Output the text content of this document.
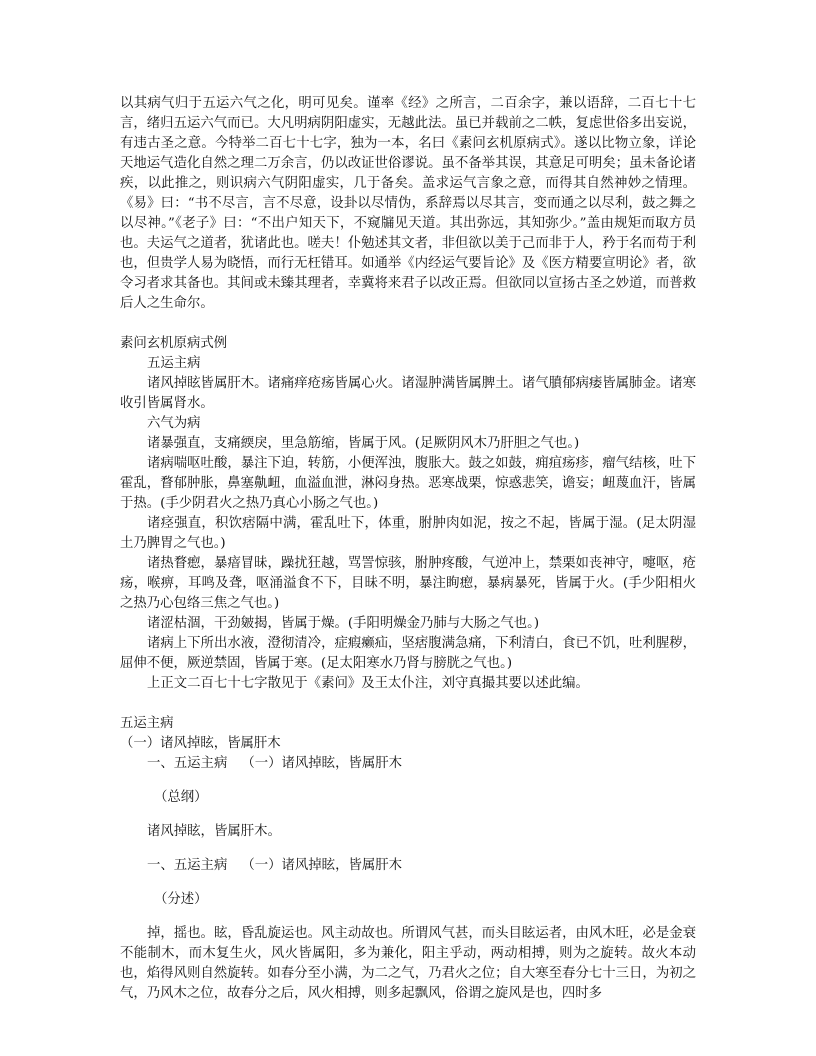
以其病气归于五运六气之化，明可见矣。谨率《经》之所言，二百余字，兼以语辞，二百七十七言，绪归五运六气而已。大凡明病阴阳虚实，无越此法。虽已并载前之二帙，复虑世俗多出妄说，有违古圣之意。今特举二百七十七字，独为一本，名曰《素问玄机原病式》。遂以比物立象，详论天地运气造化自然之理二万余言，仍以改证世俗谬说。虽不备举其误，其意足可明矣；虽未备论诸疾，以此推之，则识病六气阴阳虚实，几于备矣。盖求运气言象之意，而得其自然神妙之情理。《易》曰：“书不尽言，言不尽意，设卦以尽情伪，系辞焉以尽其言，变而通之以尽利，鼓之舞之以尽神。”《老子》曰：“不出户知天下，不窥牖见天道。其出弥远，其知弥少。”盖由规矩而取方员也。夫运气之道者，犹诸此也。嗟夫！仆勉述其文者，非但欲以美于己而非于人，矜于名而苟于利也，但贵学人易为晓悟，而行无枉错耳。如通举《内经运气要旨论》及《医方精要宣明论》者，欲令习者求其备也。其间或未臻其理者，幸冀将来君子以改正焉。但欲同以宣扬古圣之妙道，而普救后人之生命尔。

素问玄机原病式例

五运主病

诸风掉眩皆属肝木。诸痛痒疮疡皆属心火。诸湿肿满皆属脾土。诸气膹郁病痿皆属肺金。诸寒收引皆属肾水。

六气为病

诸暴强直，支痛緛戾，里急筋缩，皆属于风。(足厥阴风木乃肝胆之气也。)

诸病喘呕吐酸，暴注下迫，转筋，小便浑浊，腹胀大。鼓之如鼓，痈疽疡疹，瘤气结核，吐下霍乱，瞀郁肿胀，鼻塞鼽衄，血溢血泄，淋闷身热。恶寒战栗，惊惑悲笑，谵妄；衄蔑血汗，皆属于热。(手少阴君火之热乃真心小肠之气也。)

诸痉强直，积饮痞隔中满，霍乱吐下，体重，胕肿肉如泥，按之不起，皆属于湿。(足太阴湿土乃脾胃之气也。)

诸热瞀瘛，暴瘖冒昧，躁扰狂越，骂詈惊骇，胕肿疼酸，气逆冲上，禁栗如丧神守，嚏呕，疮疡，喉痹，耳鸣及聋，呕涌溢食不下，目昧不明，暴注眴瘛，暴病暴死，皆属于火。(手少阳相火之热乃心包络三焦之气也。)

诸涩枯涸，干劲皴揭，皆属于燥。(手阳明燥金乃肺与大肠之气也。)

诸病上下所出水液，澄彻清冷，症瘕癞疝，坚痞腹满急痛，下利清白，食已不饥，吐利腥秽，屈伸不便，厥逆禁固，皆属于寒。(足太阳寒水乃肾与膀胱之气也。)

上正文二百七十七字散见于《素问》及王太仆注，刘守真撮其要以述此编。

五运主病

（一）诸风掉眩，皆属肝木

一、五运主病 （一）诸风掉眩，皆属肝木

（总纲）

诸风掉眩，皆属肝木。

一、五运主病 （一）诸风掉眩，皆属肝木

（分述）

掉，摇也。眩，昏乱旋运也。风主动故也。所谓风气甚，而头目眩运者，由风木旺，必是金衰不能制木，而木复生火，风火皆属阳，多为兼化，阳主乎动，两动相搏，则为之旋转。故火本动也，焰得风则自然旋转。如春分至小满，为二之气，乃君火之位；自大寒至春分七十三日，为初之气，乃风木之位，故春分之后，风火相搏，则多起飘风，俗谓之旋风是也，四时多
